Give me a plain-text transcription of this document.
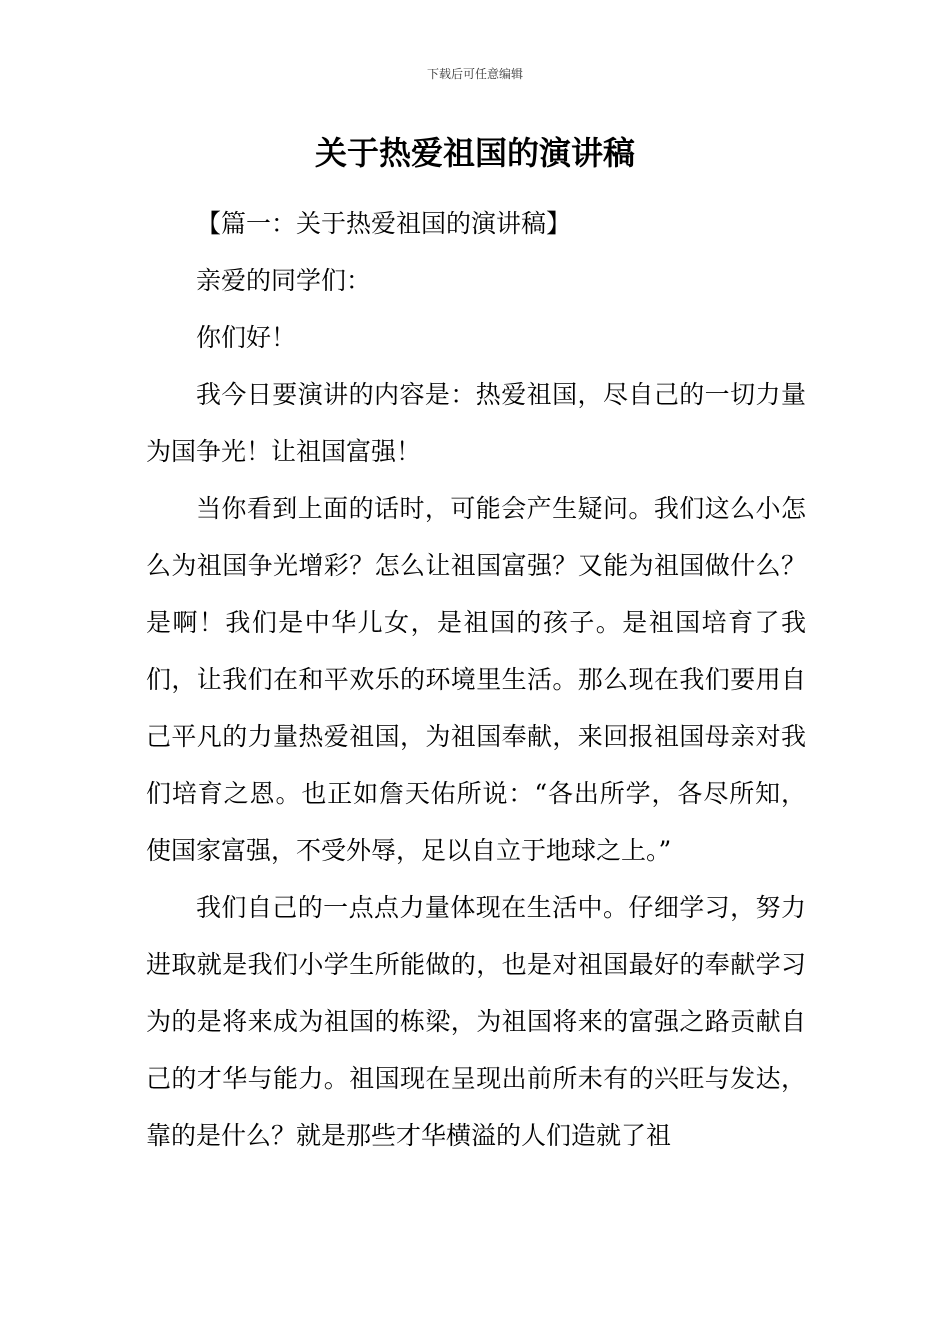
下载后可任意编辑
关于热爱祖国的演讲稿

【篇一：关于热爱祖国的演讲稿】

亲爱的同学们：

你们好！

我今日要演讲的内容是：热爱祖国，尽自己的一切力量为国争光！让祖国富强！

当你看到上面的话时，可能会产生疑问。我们这么小怎么为祖国争光增彩？怎么让祖国富强？又能为祖国做什么？是啊！我们是中华儿女，是祖国的孩子。是祖国培育了我们，让我们在和平欢乐的环境里生活。那么现在我们要用自己平凡的力量热爱祖国，为祖国奉献，来回报祖国母亲对我们培育之恩。也正如詹天佑所说：“各出所学，各尽所知，使国家富强，不受外辱，足以自立于地球之上。”

我们自己的一点点力量体现在生活中。仔细学习，努力进取就是我们小学生所能做的，也是对祖国最好的奉献学习为的是将来成为祖国的栋梁，为祖国将来的富强之路贡献自己的才华与能力。祖国现在呈现出前所未有的兴旺与发达，靠的是什么？就是那些才华横溢的人们造就了祖
